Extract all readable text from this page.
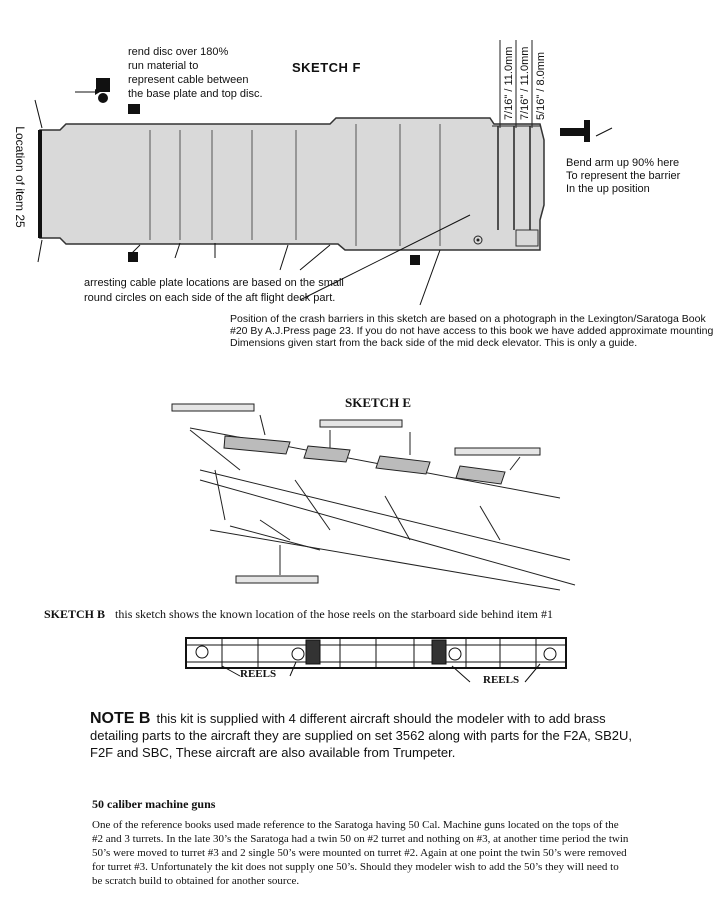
SKETCH F
rend disc over 180%
run material to
represent cable between
the base plate and top disc.
Location of item 25
7/16" / 11.0mm 7/16" / 11.0mm 5/16" / 8.0mm
Bend arm up 90% here
To represent the barrier
In the up position
arresting cable plate locations are based on the small round circles on each side of the aft flight deck part.
Position of the crash barriers in this sketch are based on a photograph in the Lexington/Saratoga Book #20 By A.J.Press page 23. If you do not have access to this book we have added approximate mounting Dimensions given start from the back side of the mid deck elevator. This is only a guide.
SKETCH E
SKETCH B this sketch shows the known location of the hose reels on the starboard side behind item #1
REELS	REELS
NOTE B this kit is supplied with 4 different aircraft should the modeler with to add brass detailing parts to the aircraft they are supplied on set 3562 along with parts for the F2A, SB2U, F2F and SBC, These aircraft are also available from Trumpeter.
50 caliber machine guns
One of the reference books used made reference to the Saratoga having 50 Cal. Machine guns located on the tops of the #2 and 3 turrets. In the late 30’s the Saratoga had a twin 50 on #2 turret and nothing on #3, at another time period the twin 50’s were moved to turret #3 and 2 single 50’s were mounted on turret #2. Again at one point the twin 50’s were removed for turret #3. Unfortunately the kit does not supply one 50’s. Should they modeler wish to add the 50’s they will need to be scratch build to obtained for another source.
